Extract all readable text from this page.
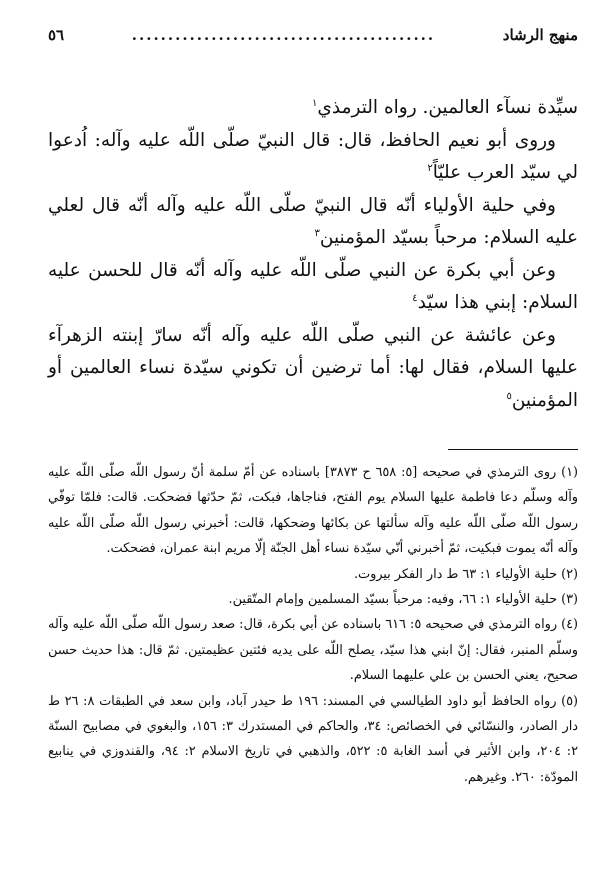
منهج الرشاد
..........................................
٥٦

سيِّدة نسآء العالمين. رواه الترمذي$^١$

وروى أبو نعيم الحافظ، قال: قال النبيّ صلّى اللّه عليه وآله: اُدعوا لي سيّد العرب عليّاً$^٢$

وفي حلية الأولياء أنّه قال النبيّ صلّى اللّه عليه وآله أنّه قال لعلي عليه السلام: مرحباً بسيّد المؤمنين$^٣$

وعن أبي بكرة عن النبي صلّى اللّه عليه وآله أنّه قال للحسن عليه السلام: إبني هذا سيّد$^٤$

وعن عائشة عن النبي صلّى اللّه عليه وآله أنّه سارّ إبنته الزهرآء عليها السلام، فقال لها: أما ترضين أن تكوني سيّدة نساء العالمين أو المؤمنين$^٥$

(١) روى الترمذي في صحيحه [٥: ٦٥٨ ح ٣٨٧٣] باسناده عن أمّ سلمة أنّ رسول اللّه صلّى اللّه عليه وآله وسلّم دعا فاطمة عليها السلام يوم الفتح، فناجاها، فبكت، ثمّ حدّثها فضحكت. قالت: فلمّا توفّي رسول اللّه صلّى اللّه عليه وآله سألتها عن بكائها وضحكها، قالت: أخبرني رسول اللّه صلّى اللّه عليه وآله أنّه يموت فبكيت، ثمّ أخبرني أنّي سيّدة نساء أهل الجنّة إلّا مريم ابنة عمران، فضحكت.

(٢) حلية الأولياء ١: ٦٣ ط دار الفكر بيروت.

(٣) حلية الأولياء ١: ٦٦، وفيه: مرحباً بسيّد المسلمين وإمام المتّقين.

(٤) رواه الترمذي في صحيحه ٥: ٦١٦ باسناده عن أبي بكرة، قال: صعد رسول اللّه صلّى اللّه عليه وآله وسلّم المنبر، فقال: إنّ ابني هذا سيّد، يصلح اللّه على يديه فئتين عظيمتين. ثمّ قال: هذا حديث حسن صحيح، يعني الحسن بن علي عليهما السلام.

(٥) رواه الحافظ أبو داود الطيالسي في المسند: ١٩٦ ط حيدر آباد، وابن سعد في الطبقات ٨: ٢٦ ط دار الصادر، والنسّائي في الخصائص: ٣٤، والحاكم في المستدرك ٣: ١٥٦، والبغوي في مصابيح السنّة ٢: ٢٠٤، وابن الأثير في أسد الغابة ٥: ٥٢٢، والذهبي في تاريخ الاسلام ٢: ٩٤، والقندوزي في ينابيع المودّة: ٢٦٠. وغيرهم.
